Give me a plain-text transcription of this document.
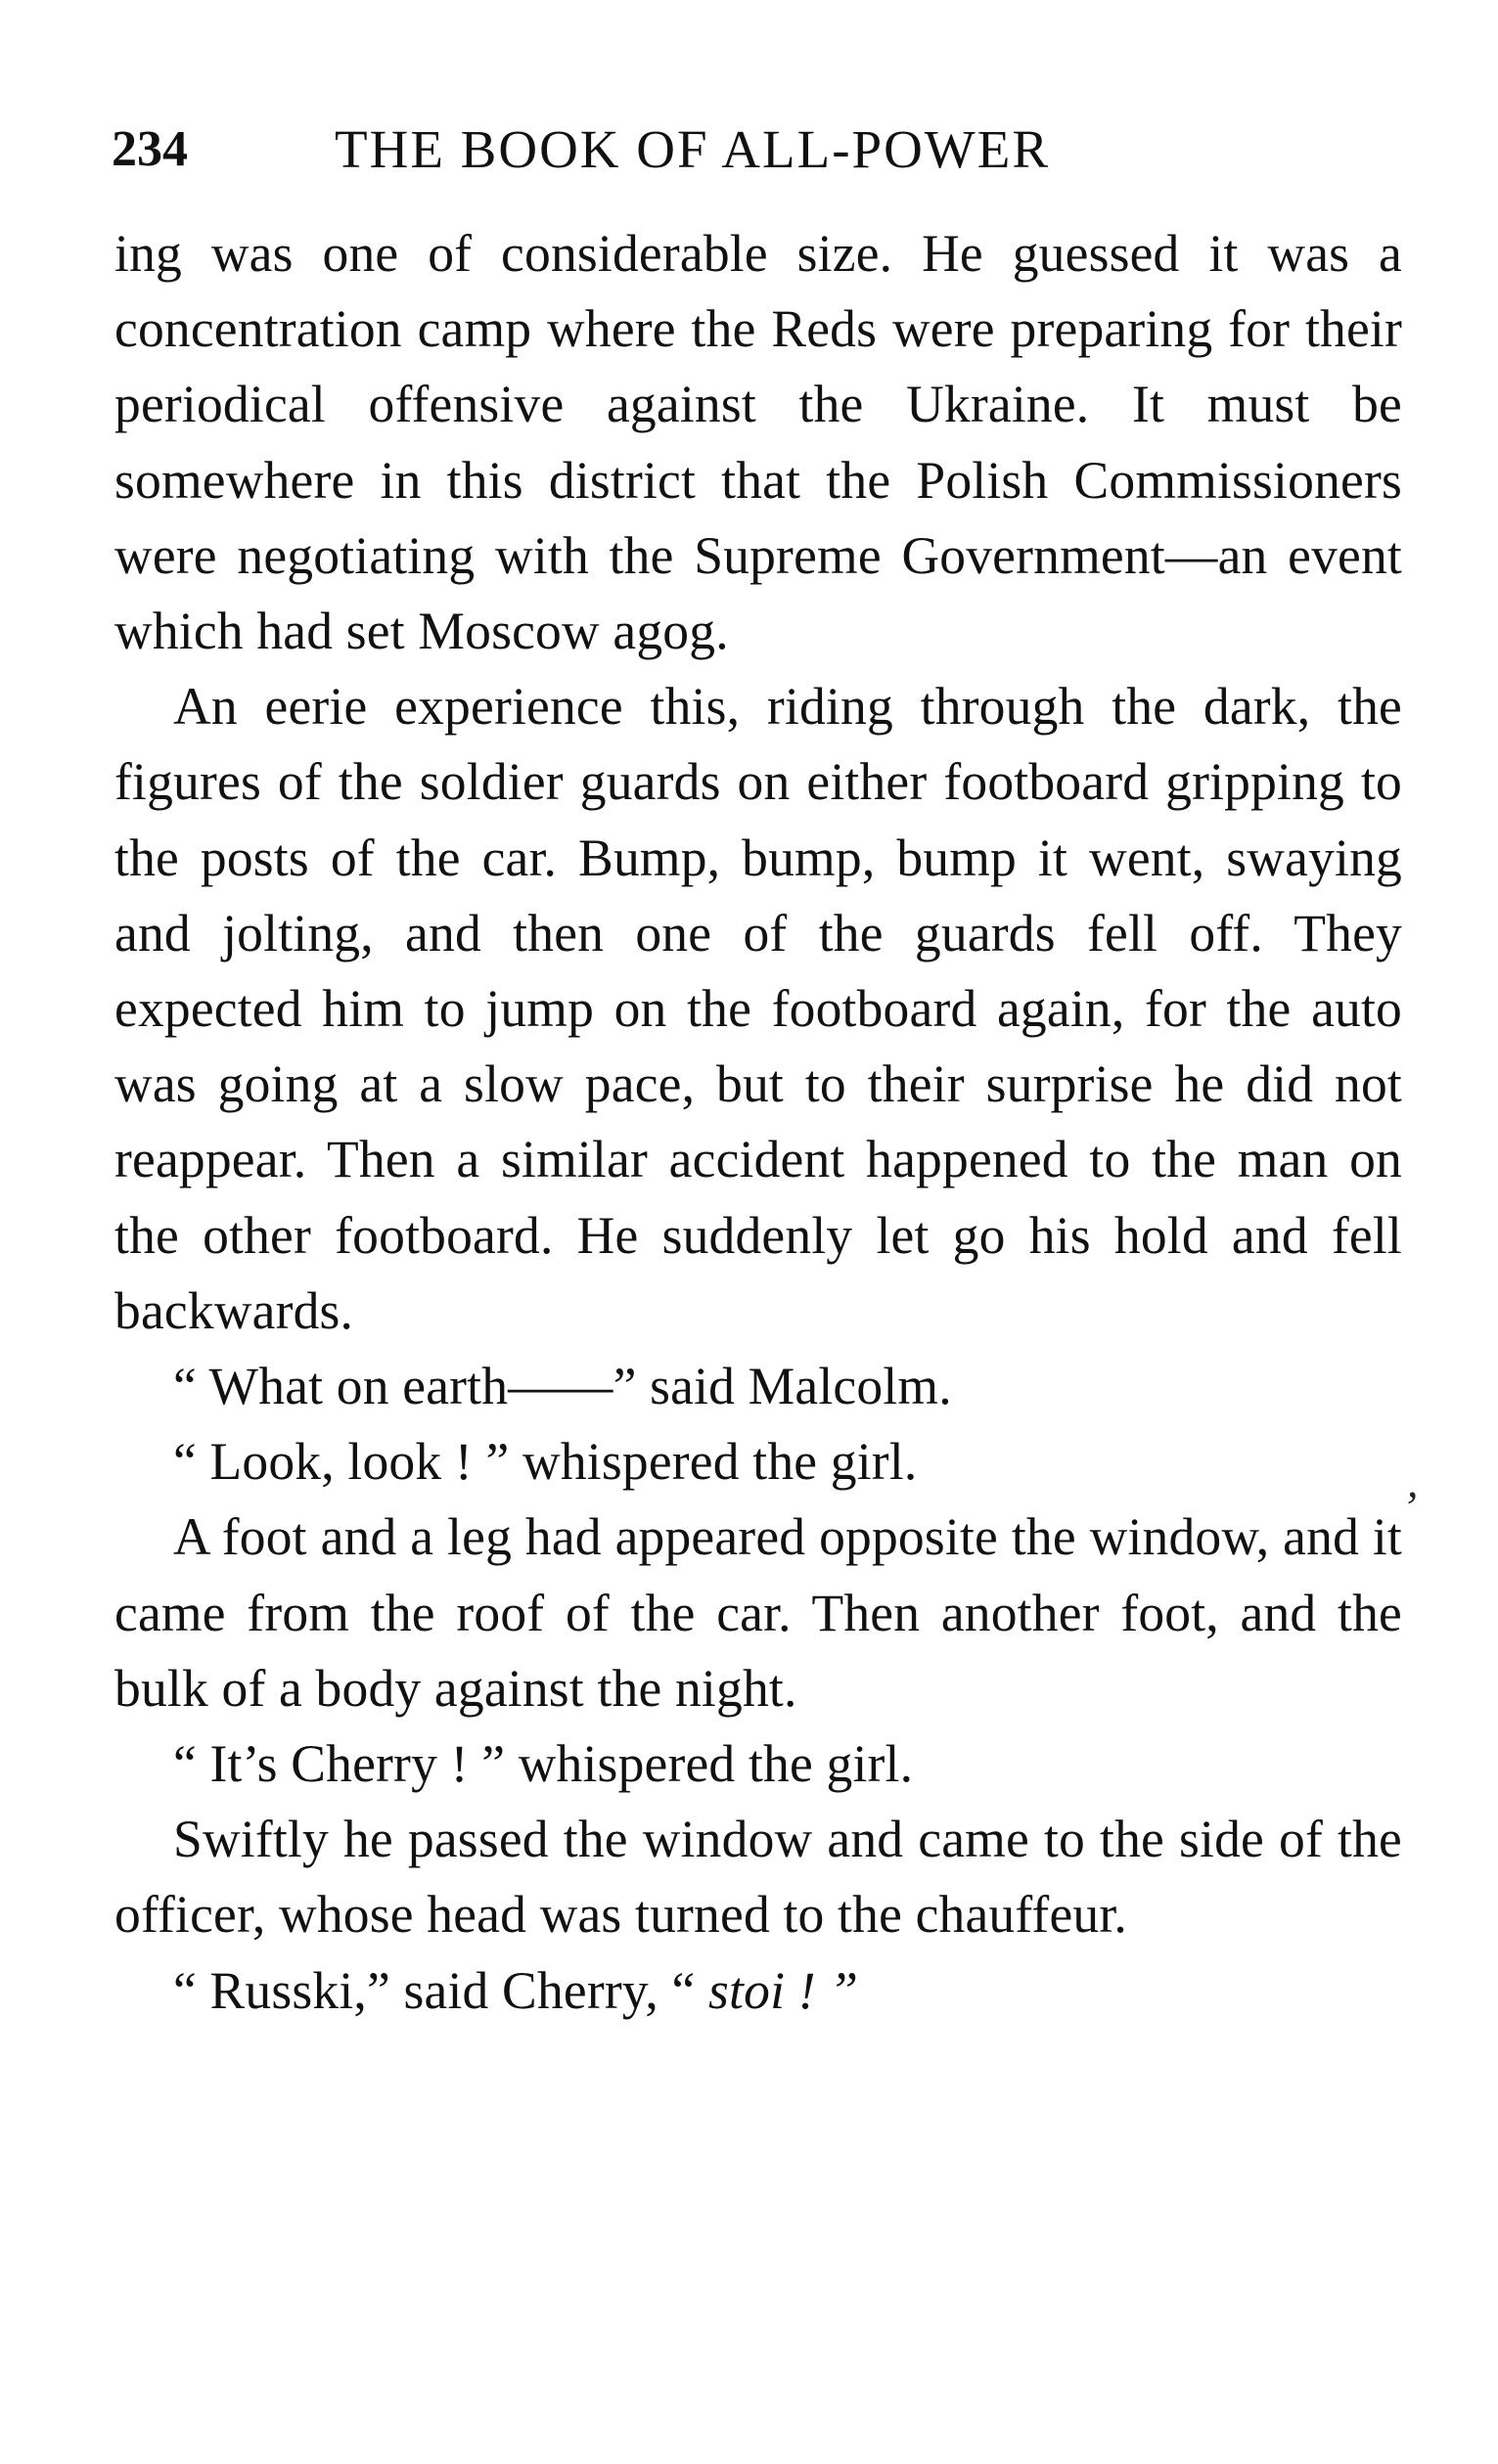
234	THE BOOK OF ALL-POWER

ing was one of considerable size. He guessed it was a concentration camp where the Reds were preparing for their periodical offensive against the Ukraine. It must be somewhere in this district that the Polish Commissioners were negotiating with the Supreme Government—an event which had set Moscow agog.

An eerie experience this, riding through the dark, the figures of the soldier guards on either footboard gripping to the posts of the car. Bump, bump, bump it went, swaying and jolting, and then one of the guards fell off. They expected him to jump on the footboard again, for the auto was going at a slow pace, but to their surprise he did not reappear. Then a similar accident happened to the man on the other footboard. He suddenly let go his hold and fell backwards.

“ What on earth——” said Malcolm.

“ Look, look ! ” whispered the girl.

A foot and a leg had appeared opposite the window, and it came from the roof of the car. Then another foot, and the bulk of a body against the night.

“ It’s Cherry ! ” whispered the girl.

Swiftly he passed the window and came to the side of the officer, whose head was turned to the chauffeur.

“ Russki,” said Cherry, “ stoi ! ”

,
